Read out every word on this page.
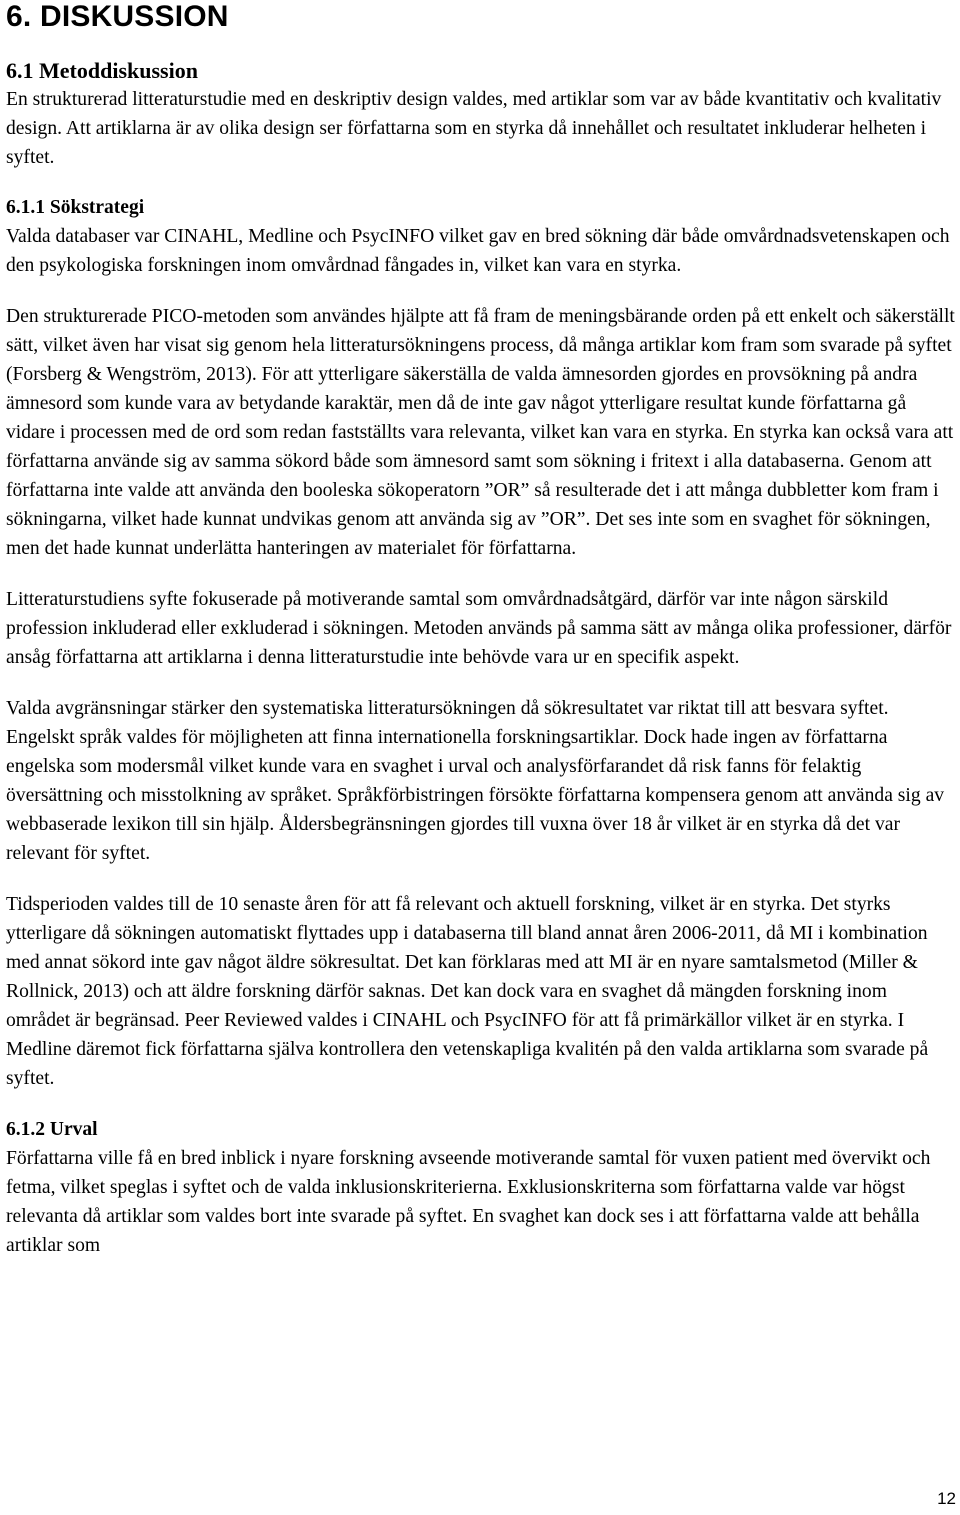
6. DISKUSSION
6.1 Metoddiskussion

En strukturerad litteraturstudie med en deskriptiv design valdes, med artiklar som var av både kvantitativ och kvalitativ design. Att artiklarna är av olika design ser författarna som en styrka då innehållet och resultatet inkluderar helheten i syftet.

6.1.1 Sökstrategi

Valda databaser var CINAHL, Medline och PsycINFO vilket gav en bred sökning där både omvårdnadsvetenskapen och den psykologiska forskningen inom omvårdnad fångades in, vilket kan vara en styrka.

Den strukturerade PICO-metoden som användes hjälpte att få fram de meningsbärande orden på ett enkelt och säkerställt sätt, vilket även har visat sig genom hela litteratursökningens process, då många artiklar kom fram som svarade på syftet (Forsberg & Wengström, 2013). För att ytterligare säkerställa de valda ämnesorden gjordes en provsökning på andra ämnesord som kunde vara av betydande karaktär, men då de inte gav något ytterligare resultat kunde författarna gå vidare i processen med de ord som redan fastställts vara relevanta, vilket kan vara en styrka. En styrka kan också vara att författarna använde sig av samma sökord både som ämnesord samt som sökning i fritext i alla databaserna. Genom att författarna inte valde att använda den booleska sökoperatorn ”OR” så resulterade det i att många dubbletter kom fram i sökningarna, vilket hade kunnat undvikas genom att använda sig av ”OR”. Det ses inte som en svaghet för sökningen, men det hade kunnat underlätta hanteringen av materialet för författarna.

Litteraturstudiens syfte fokuserade på motiverande samtal som omvårdnadsåtgärd, därför var inte någon särskild profession inkluderad eller exkluderad i sökningen. Metoden används på samma sätt av många olika professioner, därför ansåg författarna att artiklarna i denna litteraturstudie inte behövde vara ur en specifik aspekt.

Valda avgränsningar stärker den systematiska litteratursökningen då sökresultatet var riktat till att besvara syftet. Engelskt språk valdes för möjligheten att finna internationella forskningsartiklar. Dock hade ingen av författarna engelska som modersmål vilket kunde vara en svaghet i urval och analysförfarandet då risk fanns för felaktig översättning och misstolkning av språket. Språkförbistringen försökte författarna kompensera genom att använda sig av webbaserade lexikon till sin hjälp. Åldersbegränsningen gjordes till vuxna över 18 år vilket är en styrka då det var relevant för syftet.

Tidsperioden valdes till de 10 senaste åren för att få relevant och aktuell forskning, vilket är en styrka. Det styrks ytterligare då sökningen automatiskt flyttades upp i databaserna till bland annat åren 2006-2011, då MI i kombination med annat sökord inte gav något äldre sökresultat. Det kan förklaras med att MI är en nyare samtalsmetod (Miller & Rollnick, 2013) och att äldre forskning därför saknas. Det kan dock vara en svaghet då mängden forskning inom området är begränsad. Peer Reviewed valdes i CINAHL och PsycINFO för att få primärkällor vilket är en styrka. I Medline däremot fick författarna själva kontrollera den vetenskapliga kvalitén på den valda artiklarna som svarade på syftet.

6.1.2 Urval

Författarna ville få en bred inblick i nyare forskning avseende motiverande samtal för vuxen patient med övervikt och fetma, vilket speglas i syftet och de valda inklusionskriterierna. Exklusionskriterna som författarna valde var högst relevanta då artiklar som valdes bort inte svarade på syftet. En svaghet kan dock ses i att författarna valde att behålla artiklar som

12
